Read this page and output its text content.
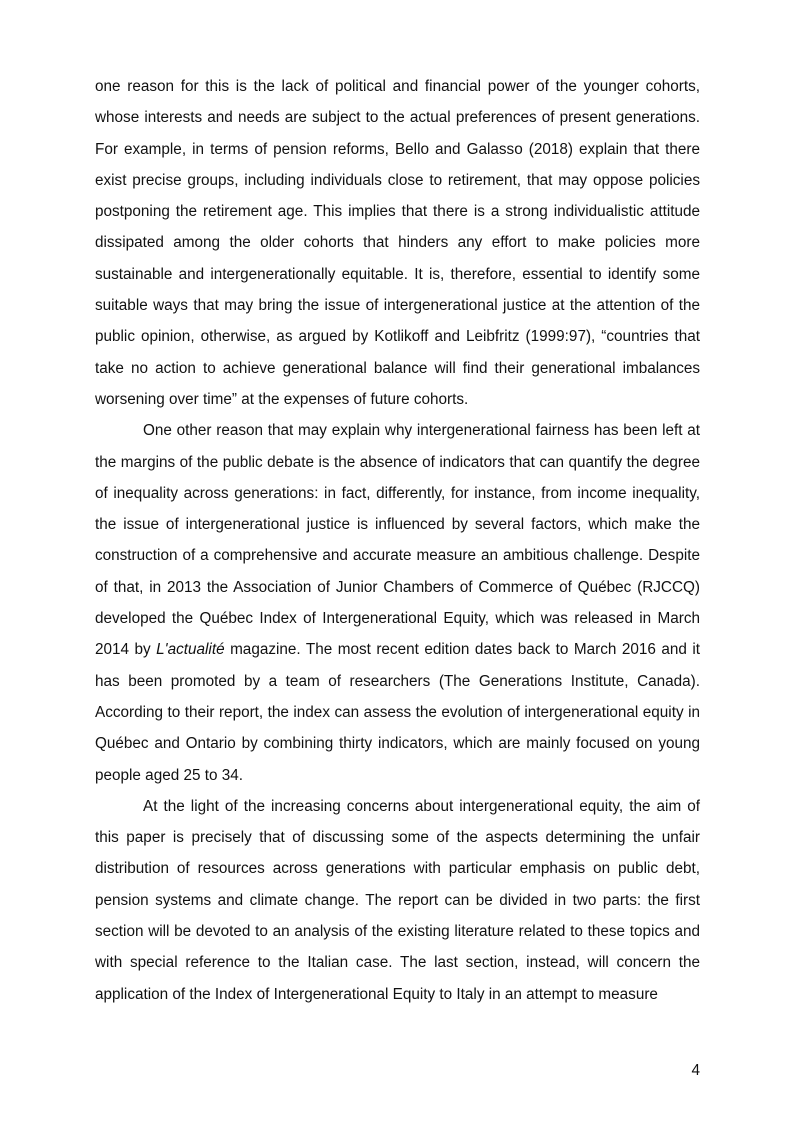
one reason for this is the lack of political and financial power of the younger cohorts, whose interests and needs are subject to the actual preferences of present generations. For example, in terms of pension reforms, Bello and Galasso (2018) explain that there exist precise groups, including individuals close to retirement, that may oppose policies postponing the retirement age. This implies that there is a strong individualistic attitude dissipated among the older cohorts that hinders any effort to make policies more sustainable and intergenerationally equitable. It is, therefore, essential to identify some suitable ways that may bring the issue of intergenerational justice at the attention of the public opinion, otherwise, as argued by Kotlikoff and Leibfritz (1999:97), “countries that take no action to achieve generational balance will find their generational imbalances worsening over time” at the expenses of future cohorts.

One other reason that may explain why intergenerational fairness has been left at the margins of the public debate is the absence of indicators that can quantify the degree of inequality across generations: in fact, differently, for instance, from income inequality, the issue of intergenerational justice is influenced by several factors, which make the construction of a comprehensive and accurate measure an ambitious challenge. Despite of that, in 2013 the Association of Junior Chambers of Commerce of Québec (RJCCQ) developed the Québec Index of Intergenerational Equity, which was released in March 2014 by L'actualité magazine. The most recent edition dates back to March 2016 and it has been promoted by a team of researchers (The Generations Institute, Canada). According to their report, the index can assess the evolution of intergenerational equity in Québec and Ontario by combining thirty indicators, which are mainly focused on young people aged 25 to 34.

At the light of the increasing concerns about intergenerational equity, the aim of this paper is precisely that of discussing some of the aspects determining the unfair distribution of resources across generations with particular emphasis on public debt, pension systems and climate change. The report can be divided in two parts: the first section will be devoted to an analysis of the existing literature related to these topics and with special reference to the Italian case. The last section, instead, will concern the application of the Index of Intergenerational Equity to Italy in an attempt to measure

4
